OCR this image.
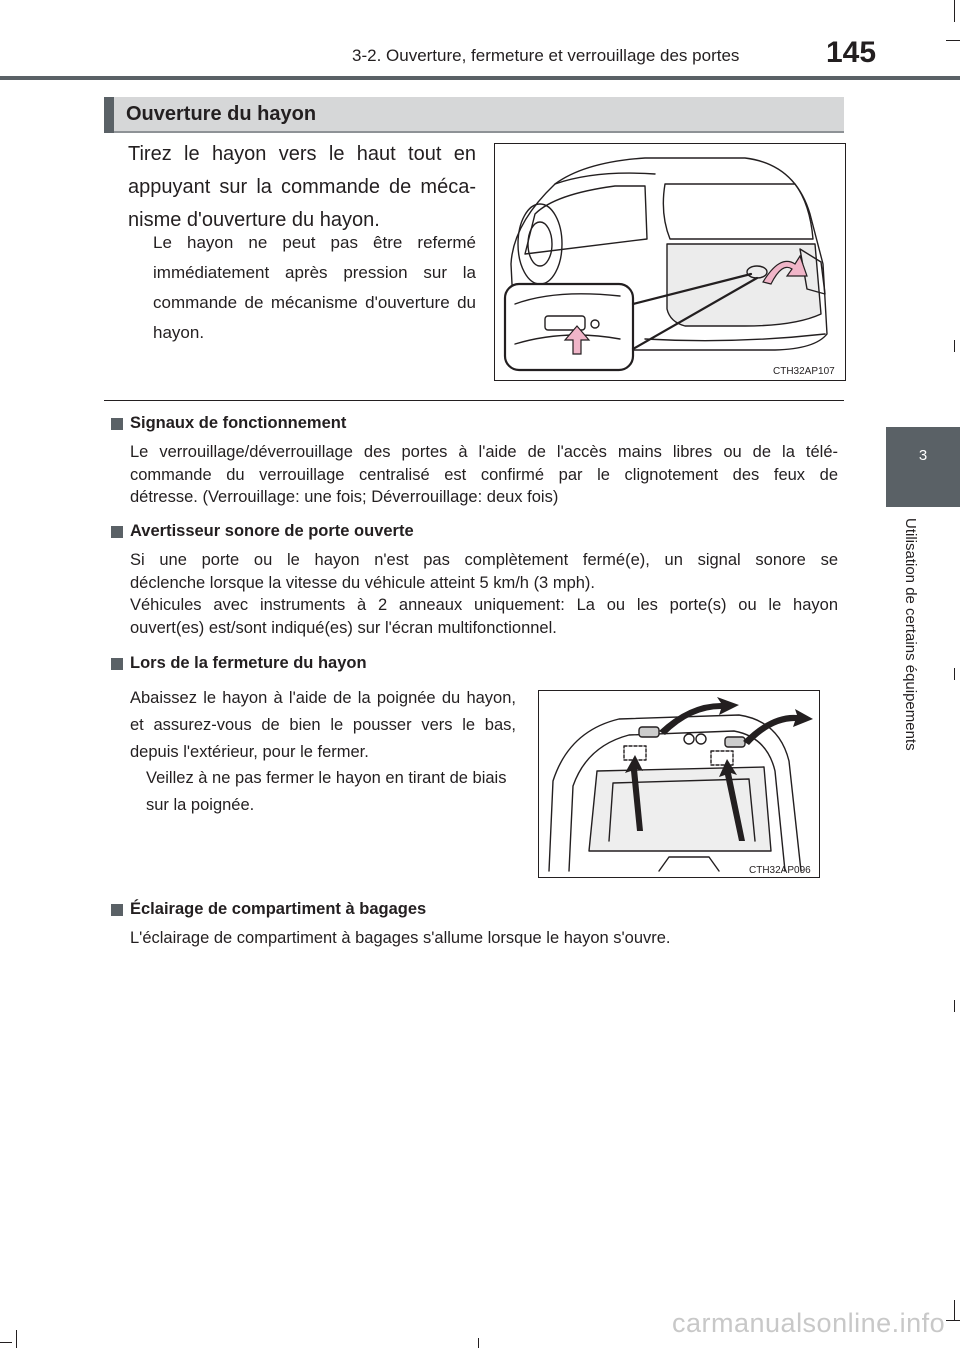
3-2. Ouverture, fermeture et verrouillage des portes	145
3
Utilisation de certains équipements
Ouverture du hayon
Tirez le hayon vers le haut tout en appuyant sur la commande de méca-nisme d'ouverture du hayon.
Le hayon ne peut pas être refermé immédiatement après pression sur la commande de mécanisme d'ouverture du hayon.
CTH32AP107
Signaux de fonctionnement
Le verrouillage/déverrouillage des portes à l'aide de l'accès mains libres ou de la télé-
commande du verrouillage centralisé est confirmé par le clignotement des feux de
détresse. (Verrouillage: une fois; Déverrouillage: deux fois)
Avertisseur sonore de porte ouverte
Si une porte ou le hayon n'est pas complètement fermé(e), un signal sonore se
déclenche lorsque la vitesse du véhicule atteint 5 km/h (3 mph).
Véhicules avec instruments à 2 anneaux uniquement: La ou les porte(s) ou le hayon
ouvert(es) est/sont indiqué(es) sur l'écran multifonctionnel.
Lors de la fermeture du hayon
Abaissez le hayon à l'aide de la poignée du hayon, et assurez-vous de bien le pousser vers le bas, depuis l'extérieur, pour le fermer.
Veillez à ne pas fermer le hayon en tirant de biais sur la poignée.
CTH32AP096
Éclairage de compartiment à bagages
L'éclairage de compartiment à bagages s'allume lorsque le hayon s'ouvre.
carmanualsonline.info
